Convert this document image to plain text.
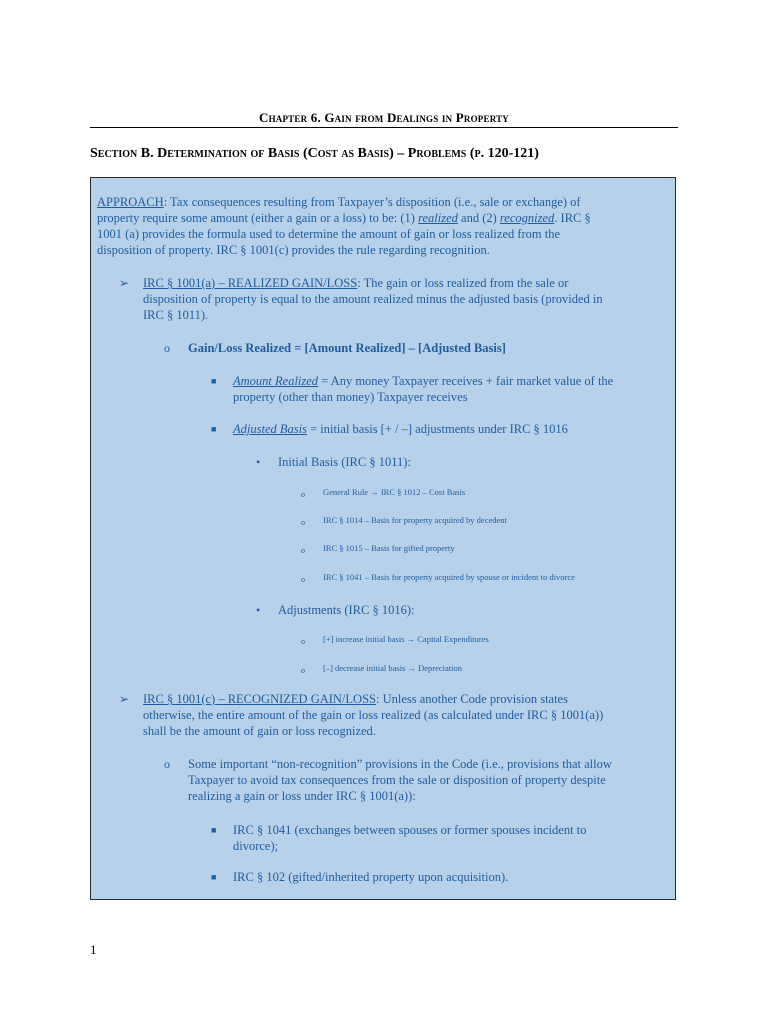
Chapter 6. Gain from Dealings in Property
Section B. Determination of Basis (Cost as Basis) – Problems (p. 120-121)
APPROACH: Tax consequences resulting from Taxpayer’s disposition (i.e., sale or exchange) of
property require some amount (either a gain or a loss) to be: (1) realized and (2) recognized. IRC §
1001 (a) provides the formula used to determine the amount of gain or loss realized from the
disposition of property. IRC § 1001(c) provides the rule regarding recognition.
➢ IRC § 1001(a) – REALIZED GAIN/LOSS: The gain or loss realized from the sale or
disposition of property is equal to the amount realized minus the adjusted basis (provided in
IRC § 1011).
o Gain/Loss Realized = [Amount Realized] – [Adjusted Basis]
■ Amount Realized = Any money Taxpayer receives + fair market value of the
property (other than money) Taxpayer receives
■ Adjusted Basis = initial basis [+ / –] adjustments under IRC § 1016
• Initial Basis (IRC § 1011):
o General Rule → IRC § 1012 – Cost Basis
o IRC § 1014 – Basis for property acquired by decedent
o IRC § 1015 – Basis for gifted property
o IRC § 1041 – Basis for property acquired by spouse or incident to divorce
• Adjustments (IRC § 1016):
o [+] increase initial basis → Capital Expenditures
o [–] decrease initial basis → Depreciation
➢ IRC § 1001(c) – RECOGNIZED GAIN/LOSS: Unless another Code provision states
otherwise, the entire amount of the gain or loss realized (as calculated under IRC § 1001(a))
shall be the amount of gain or loss recognized.
o Some important “non-recognition” provisions in the Code (i.e., provisions that allow
Taxpayer to avoid tax consequences from the sale or disposition of property despite
realizing a gain or loss under IRC § 1001(a)):
■ IRC § 1041 (exchanges between spouses or former spouses incident to
divorce);
■ IRC § 102 (gifted/inherited property upon acquisition).
1
